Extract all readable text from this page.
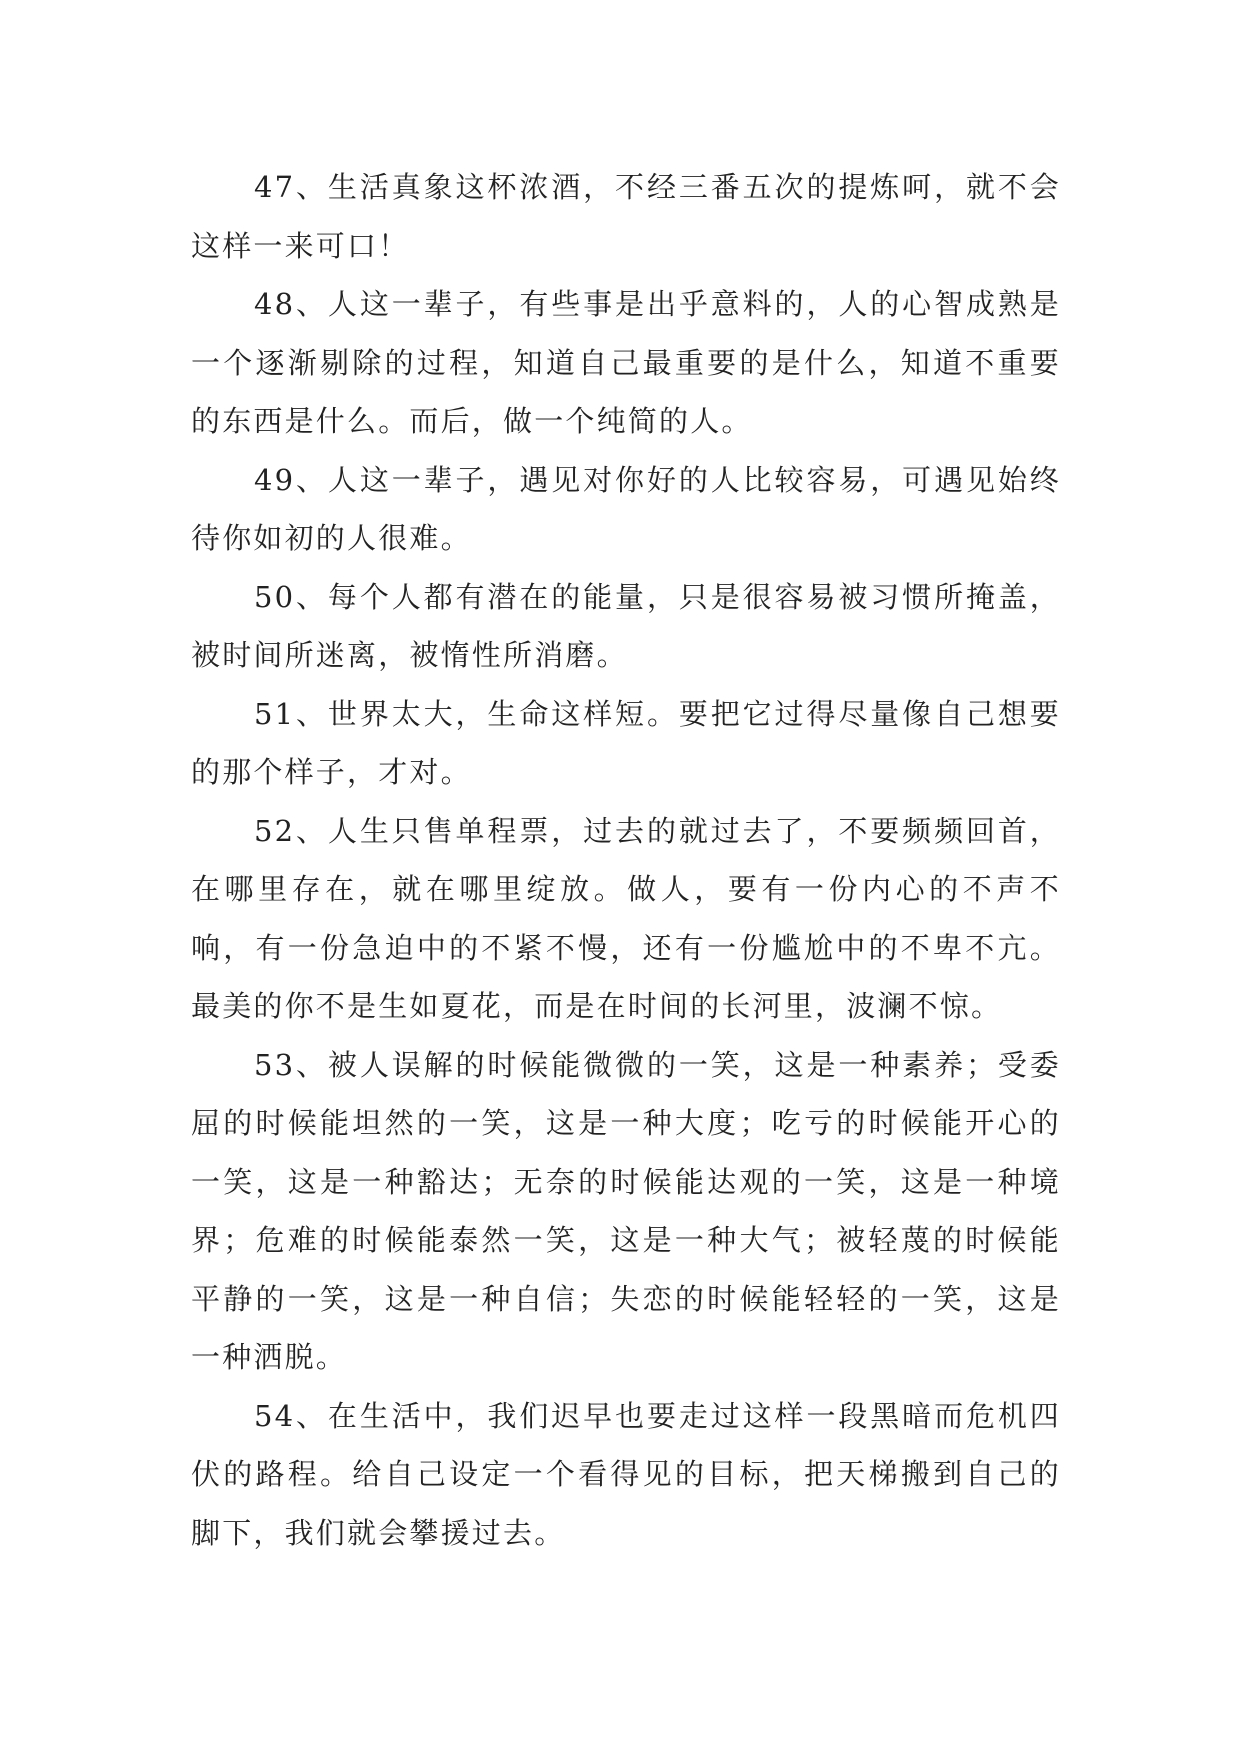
47、生活真象这杯浓酒，不经三番五次的提炼呵，就不会这样一来可口！

48、人这一辈子，有些事是出乎意料的，人的心智成熟是一个逐渐剔除的过程，知道自己最重要的是什么，知道不重要的东西是什么。而后，做一个纯简的人。

49、人这一辈子，遇见对你好的人比较容易，可遇见始终待你如初的人很难。

50、每个人都有潜在的能量，只是很容易被习惯所掩盖，被时间所迷离，被惰性所消磨。

51、世界太大，生命这样短。要把它过得尽量像自己想要的那个样子，才对。

52、人生只售单程票，过去的就过去了，不要频频回首，在哪里存在，就在哪里绽放。做人，要有一份内心的不声不响，有一份急迫中的不紧不慢，还有一份尴尬中的不卑不亢。最美的你不是生如夏花，而是在时间的长河里，波澜不惊。

53、被人误解的时候能微微的一笑，这是一种素养；受委屈的时候能坦然的一笑，这是一种大度；吃亏的时候能开心的一笑，这是一种豁达；无奈的时候能达观的一笑，这是一种境界；危难的时候能泰然一笑，这是一种大气；被轻蔑的时候能平静的一笑，这是一种自信；失恋的时候能轻轻的一笑，这是一种洒脱。

54、在生活中，我们迟早也要走过这样一段黑暗而危机四伏的路程。给自己设定一个看得见的目标，把天梯搬到自己的脚下，我们就会攀援过去。
